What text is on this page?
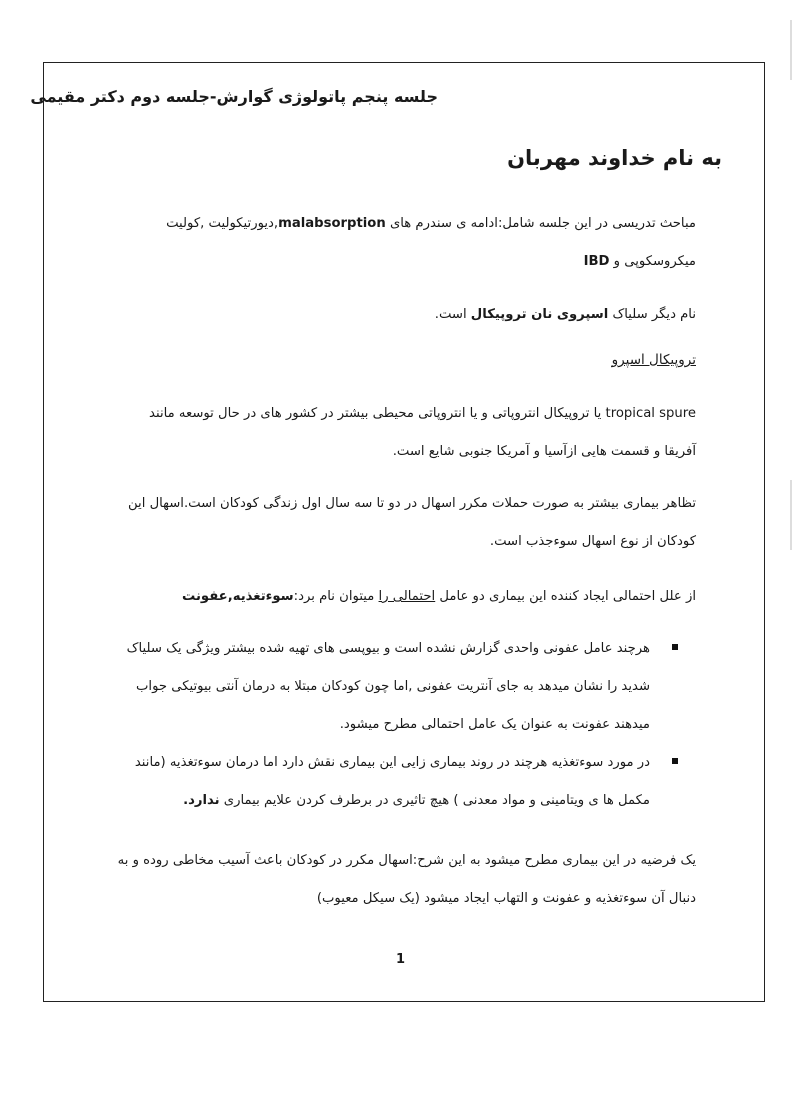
جلسه پنجم پاتولوژی گوارش-جلسه دوم دکتر مقیمی
به نام خداوند مهربان
مباحث تدریسی در این جلسه شامل:ادامه ی سندرم های malabsorption,دیورتیکولیت ,کولیت
میکروسکوپی و IBD
نام دیگر سلیاک اسپروی نان تروپیکال است.
تروپیکال اسپرو
tropical spure یا تروپیکال انتروپاتی و یا انتروپاتی محیطی بیشتر در کشور های در حال توسعه مانند
آفریقا و قسمت هایی ازآسیا و آمریکا جنوبی شایع است.
تظاهر بیماری بیشتر به صورت حملات مکرر اسهال در دو تا سه سال اول زندگی کودکان است.اسهال این
کودکان از نوع اسهال سوءجذب است.
از علل احتمالی ایجاد کننده این بیماری دو عامل احتمالی را میتوان نام برد:سوءتغذیه,عفونت
هرچند عامل عفونی واحدی گزارش نشده است و بیوپسی های تهیه شده بیشتر ویژگی یک سلیاک
شدید را نشان میدهد به جای آنتریت عفونی ,اما چون کودکان مبتلا به درمان آنتی بیوتیکی جواب
میدهند عفونت به عنوان یک عامل احتمالی مطرح میشود.
در مورد سوءتغذیه هرچند در روند بیماری زایی این بیماری نقش دارد اما درمان سوءتغذیه (مانند
مکمل ها ی ویتامینی و مواد معدنی ) هیچ تاثیری در برطرف کردن علایم بیماری ندارد.
یک فرضیه در این بیماری مطرح میشود به این شرح:اسهال مکرر در کودکان باعث آسیب مخاطی روده و به
دنبال آن سوءتغذیه و عفونت و التهاب ایجاد میشود (یک سیکل معیوب)
1
